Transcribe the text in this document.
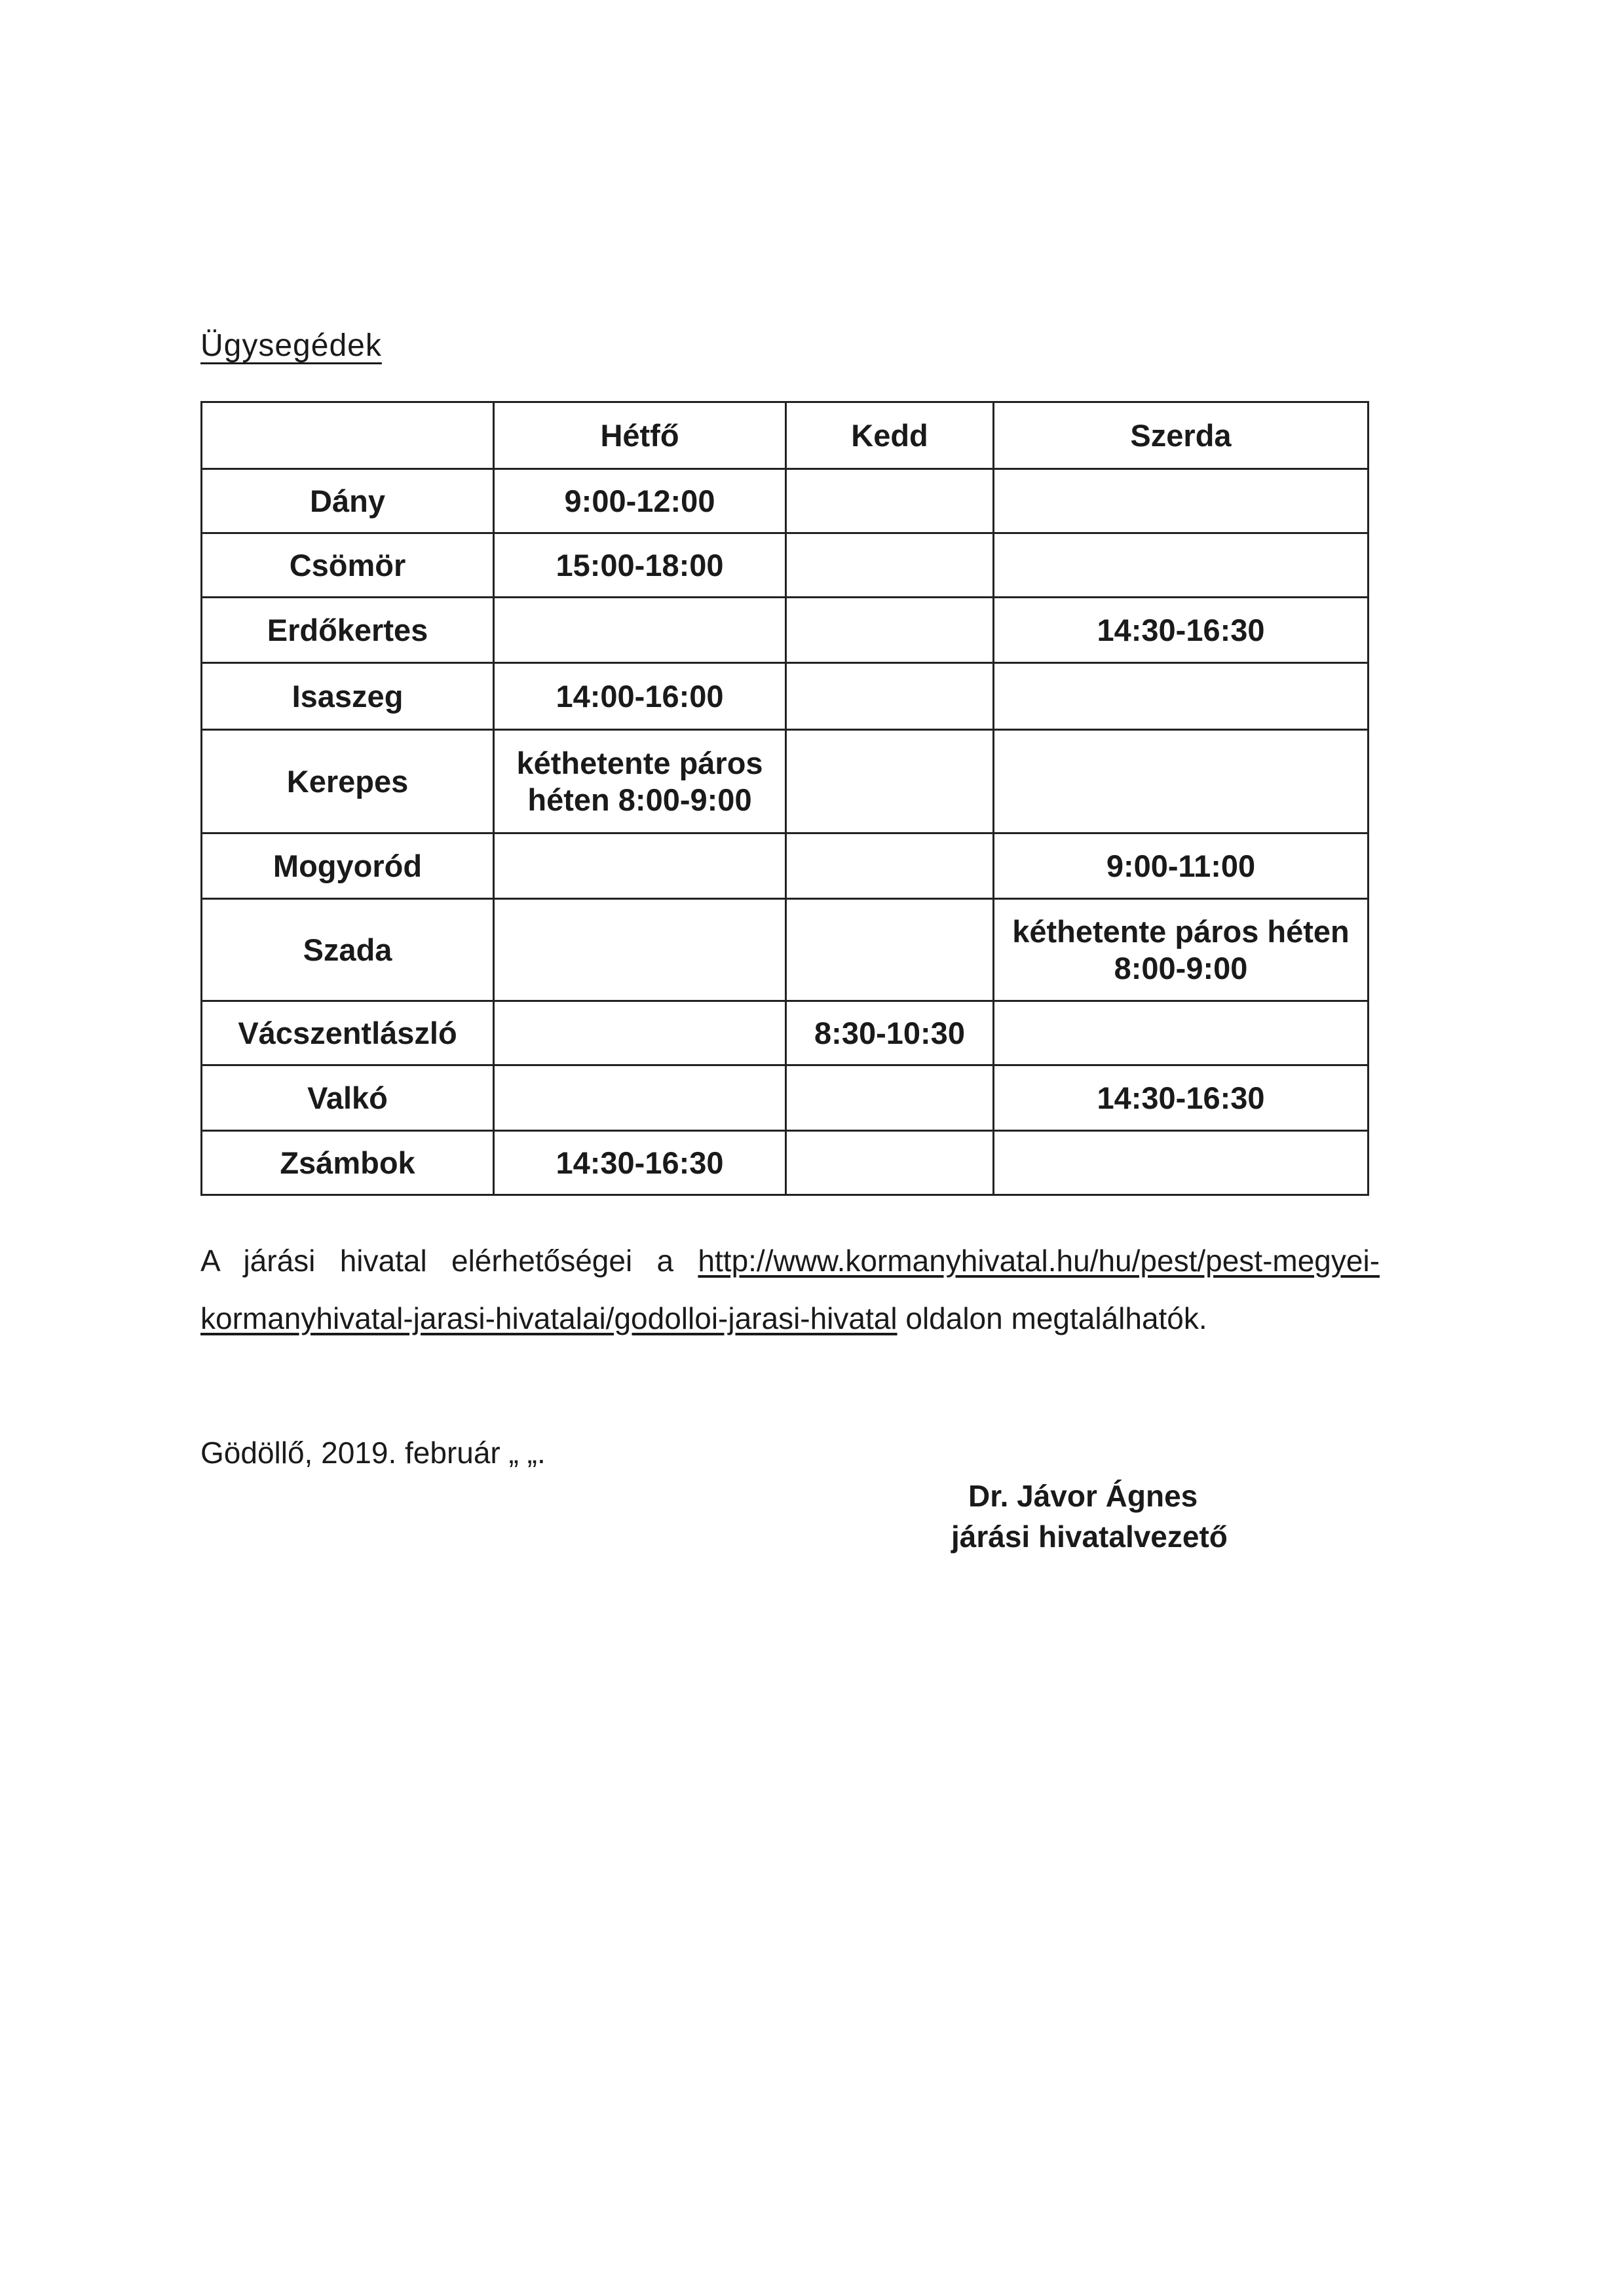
Ügysegédek
	Hétfő	Kedd	Szerda
Dány	9:00-12:00		
Csömör	15:00-18:00		
Erdőkertes			14:30-16:30
Isaszeg	14:00-16:00		
Kerepes	kéthetente páros héten 8:00-9:00		
Mogyoród			9:00-11:00
Szada			kéthetente páros héten 8:00-9:00
Vácszentlászló		8:30-10:30	
Valkó			14:30-16:30
Zsámbok	14:30-16:30		
A járási hivatal elérhetőségei a http://www.kormanyhivatal.hu/hu/pest/pest-megyei-kormanyhivatal-jarasi-hivatalai/godolloi-jarasi-hivatal oldalon megtalálhatók.
Gödöllő, 2019. február „ „.
Dr. Jávor Ágnes
járási hivatalvezető
